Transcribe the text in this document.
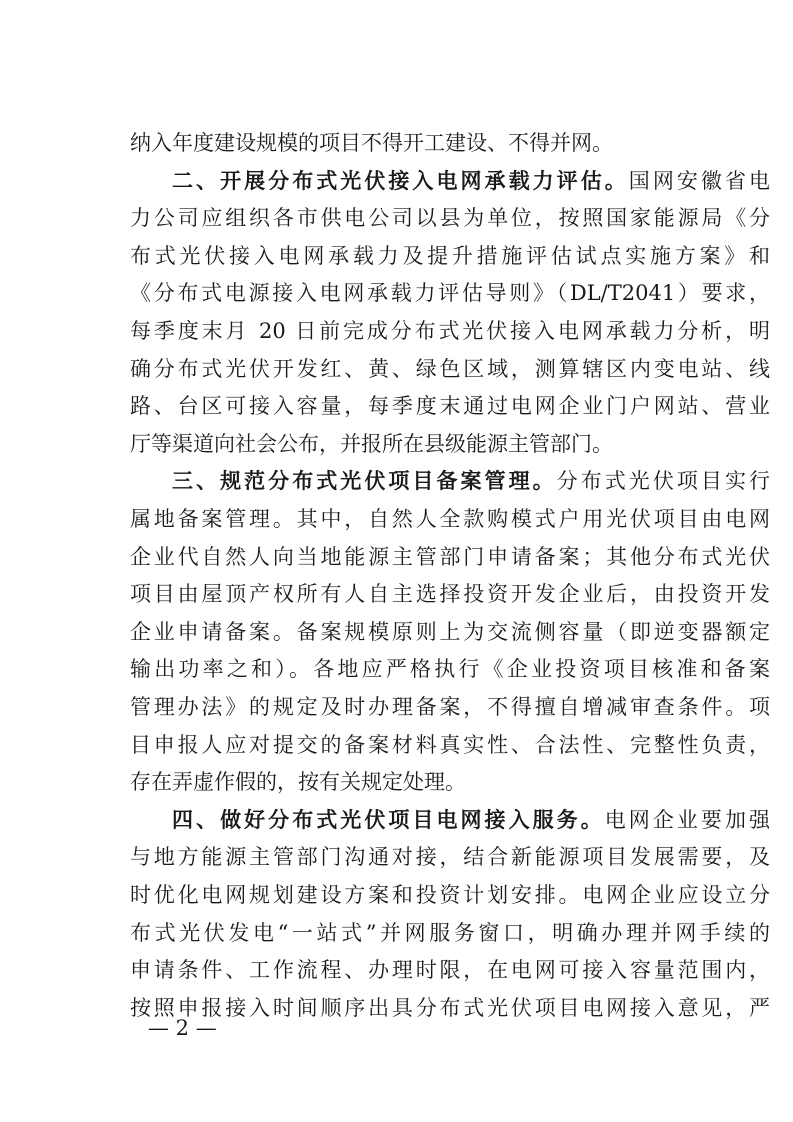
纳入年度建设规模的项目不得开工建设、不得并网。
二、开展分布式光伏接入电网承载力评估。国网安徽省电
力公司应组织各市供电公司以县为单位，按照国家能源局《分
布式光伏接入电网承载力及提升措施评估试点实施方案》和
《分布式电源接入电网承载力评估导则》（DL/T2041）要求，
每季度末月 20 日前完成分布式光伏接入电网承载力分析，明
确分布式光伏开发红、黄、绿色区域，测算辖区内变电站、线
路、台区可接入容量，每季度末通过电网企业门户网站、营业
厅等渠道向社会公布，并报所在县级能源主管部门。
三、规范分布式光伏项目备案管理。分布式光伏项目实行
属地备案管理。其中，自然人全款购模式户用光伏项目由电网
企业代自然人向当地能源主管部门申请备案；其他分布式光伏
项目由屋顶产权所有人自主选择投资开发企业后，由投资开发
企业申请备案。备案规模原则上为交流侧容量（即逆变器额定
输出功率之和）。各地应严格执行《企业投资项目核准和备案
管理办法》的规定及时办理备案，不得擅自增减审查条件。项
目申报人应对提交的备案材料真实性、合法性、完整性负责，
存在弄虚作假的，按有关规定处理。
四、做好分布式光伏项目电网接入服务。电网企业要加强
与地方能源主管部门沟通对接，结合新能源项目发展需要，及
时优化电网规划建设方案和投资计划安排。电网企业应设立分
布式光伏发电“一站式”并网服务窗口，明确办理并网手续的
申请条件、工作流程、办理时限，在电网可接入容量范围内，
按照申报接入时间顺序出具分布式光伏项目电网接入意见，严
— 2 —
